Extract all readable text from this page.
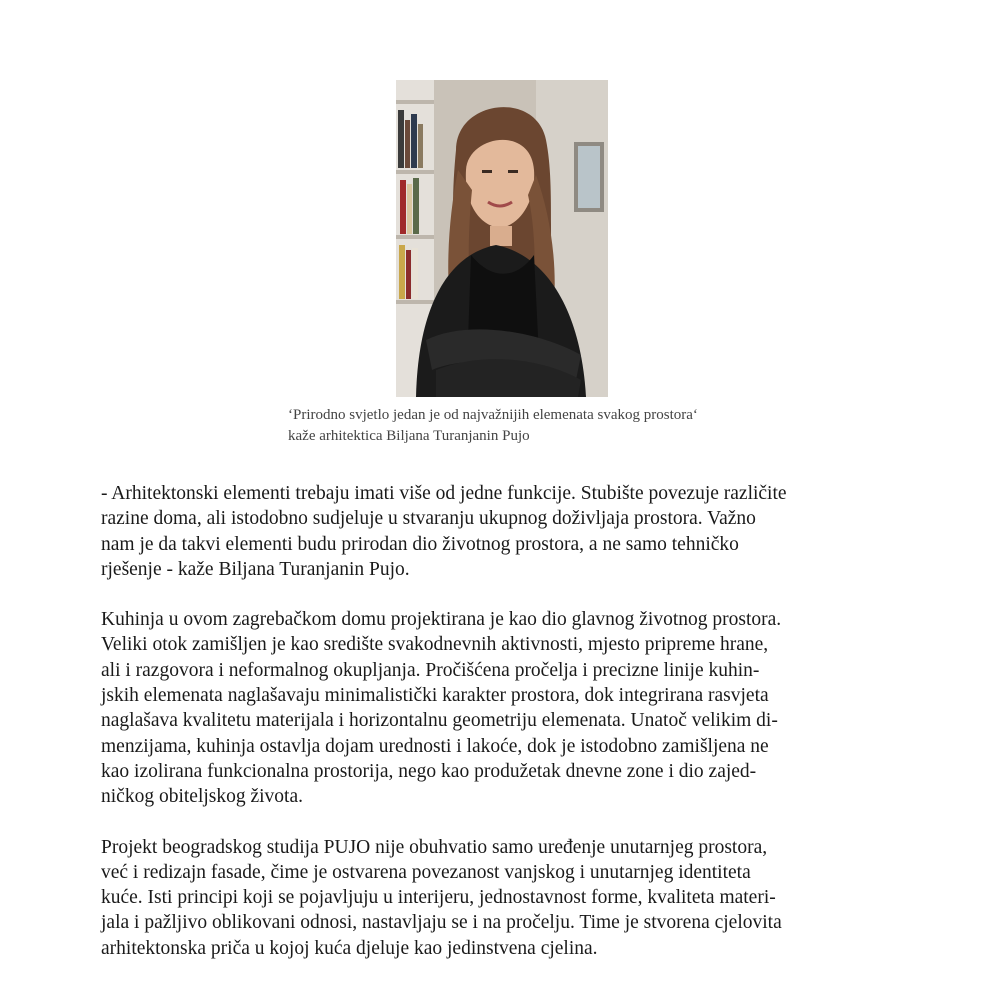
‘Prirodno svjetlo jedan je od najvažnijih elemenata svakog prostora‘
kaže arhitektica Biljana Turanjanin Pujo
- Arhitektonski elementi trebaju imati više od jedne funkcije. Stubište povezuje različite
razine doma, ali istodobno sudjeluje u stvaranju ukupnog doživljaja prostora. Važno
nam je da takvi elementi budu prirodan dio životnog prostora, a ne samo tehničko
rješenje - kaže Biljana Turanjanin Pujo.
Kuhinja u ovom zagrebačkom domu projektirana je kao dio glavnog životnog prostora.
Veliki otok zamišljen je kao središte svakodnevnih aktivnosti, mjesto pripreme hrane,
ali i razgovora i neformalnog okupljanja. Pročišćena pročelja i precizne linije kuhin-
jskih elemenata naglašavaju minimalistički karakter prostora, dok integrirana rasvjeta
naglašava kvalitetu materijala i horizontalnu geometriju elemenata. Unatoč velikim di-
menzijama, kuhinja ostavlja dojam urednosti i lakoće, dok je istodobno zamišljena ne
kao izolirana funkcionalna prostorija, nego kao produžetak dnevne zone i dio zajed-
ničkog obiteljskog života.
Projekt beogradskog studija PUJO nije obuhvatio samo uređenje unutarnjeg prostora,
već i redizajn fasade, čime je ostvarena povezanost vanjskog i unutarnjeg identiteta
kuće. Isti principi koji se pojavljuju u interijeru, jednostavnost forme, kvaliteta materi-
jala i pažljivo oblikovani odnosi, nastavljaju se i na pročelju. Time je stvorena cjelovita
arhitektonska priča u kojoj kuća djeluje kao jedinstvena cjelina.
